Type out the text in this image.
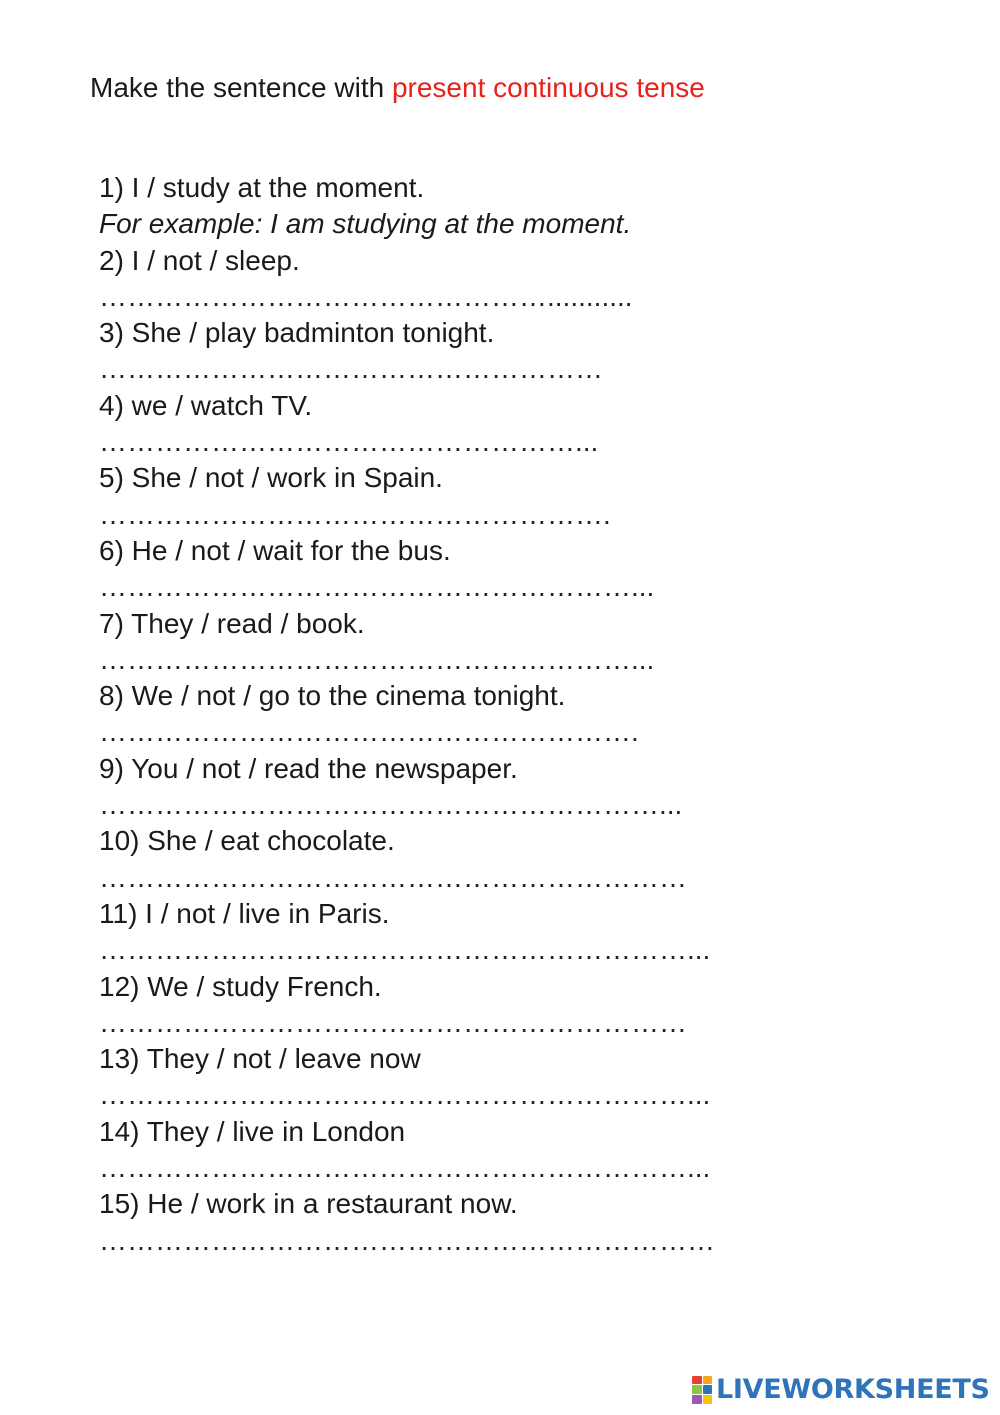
Make the sentence with present continuous tense
1) I / study at the moment.
For example: I am studying at the moment.
2) I / not / sleep.
…………………………………………...........
3) She / play badminton tonight.
………………………………………………
4) we / watch TV.
……………………………………………...
5) She / not / work in Spain.
……………………………………………….
6) He / not / wait for the bus.
…………………………………………………...
7) They / read / book.
…………………………………………………...
8) We / not / go to the cinema tonight.
………………………………………………….
9) You / not / read the newspaper.
……………………………………………………...
10) She / eat chocolate.
………………………………………………………
11) I / not / live in Paris.
………………………………………………………...
12) We / study French.
………………………………………………………
13) They / not / leave now
………………………………………………………...
14) They / live in London
………………………………………………………...
15) He / work in a restaurant now.
…………………………………………………………
LIVEWORKSHEETS
